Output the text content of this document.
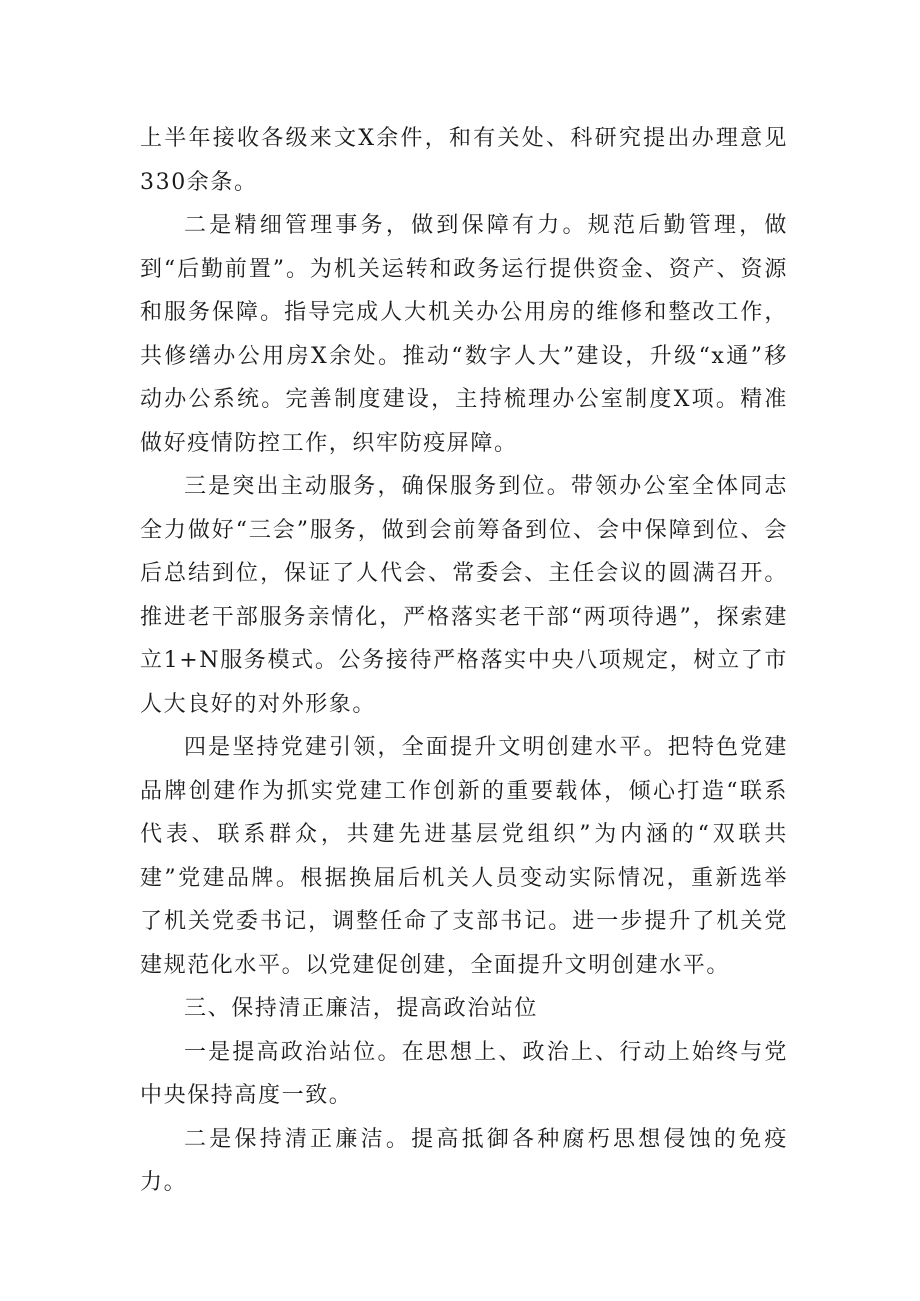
上半年接收各级来文X余件，和有关处、科研究提出办理意见330余条。

二是精细管理事务，做到保障有力。规范后勤管理，做到“后勤前置”。为机关运转和政务运行提供资金、资产、资源和服务保障。指导完成人大机关办公用房的维修和整改工作，共修缮办公用房X余处。推动“数字人大”建设，升级“x通”移动办公系统。完善制度建设，主持梳理办公室制度X项。精准做好疫情防控工作，织牢防疫屏障。

三是突出主动服务，确保服务到位。带领办公室全体同志全力做好“三会”服务，做到会前筹备到位、会中保障到位、会后总结到位，保证了人代会、常委会、主任会议的圆满召开。推进老干部服务亲情化，严格落实老干部“两项待遇”，探索建立1+N服务模式。公务接待严格落实中央八项规定，树立了市人大良好的对外形象。

四是坚持党建引领，全面提升文明创建水平。把特色党建品牌创建作为抓实党建工作创新的重要载体，倾心打造“联系代表、联系群众，共建先进基层党组织”为内涵的“双联共建”党建品牌。根据换届后机关人员变动实际情况，重新选举了机关党委书记，调整任命了支部书记。进一步提升了机关党建规范化水平。以党建促创建，全面提升文明创建水平。

三、保持清正廉洁，提高政治站位

一是提高政治站位。在思想上、政治上、行动上始终与党中央保持高度一致。

二是保持清正廉洁。提高抵御各种腐朽思想侵蚀的免疫力。
